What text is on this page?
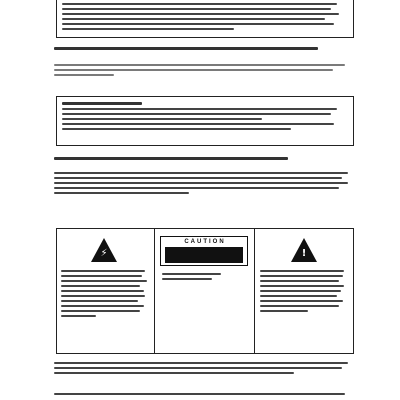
⚡
CAUTION
!
